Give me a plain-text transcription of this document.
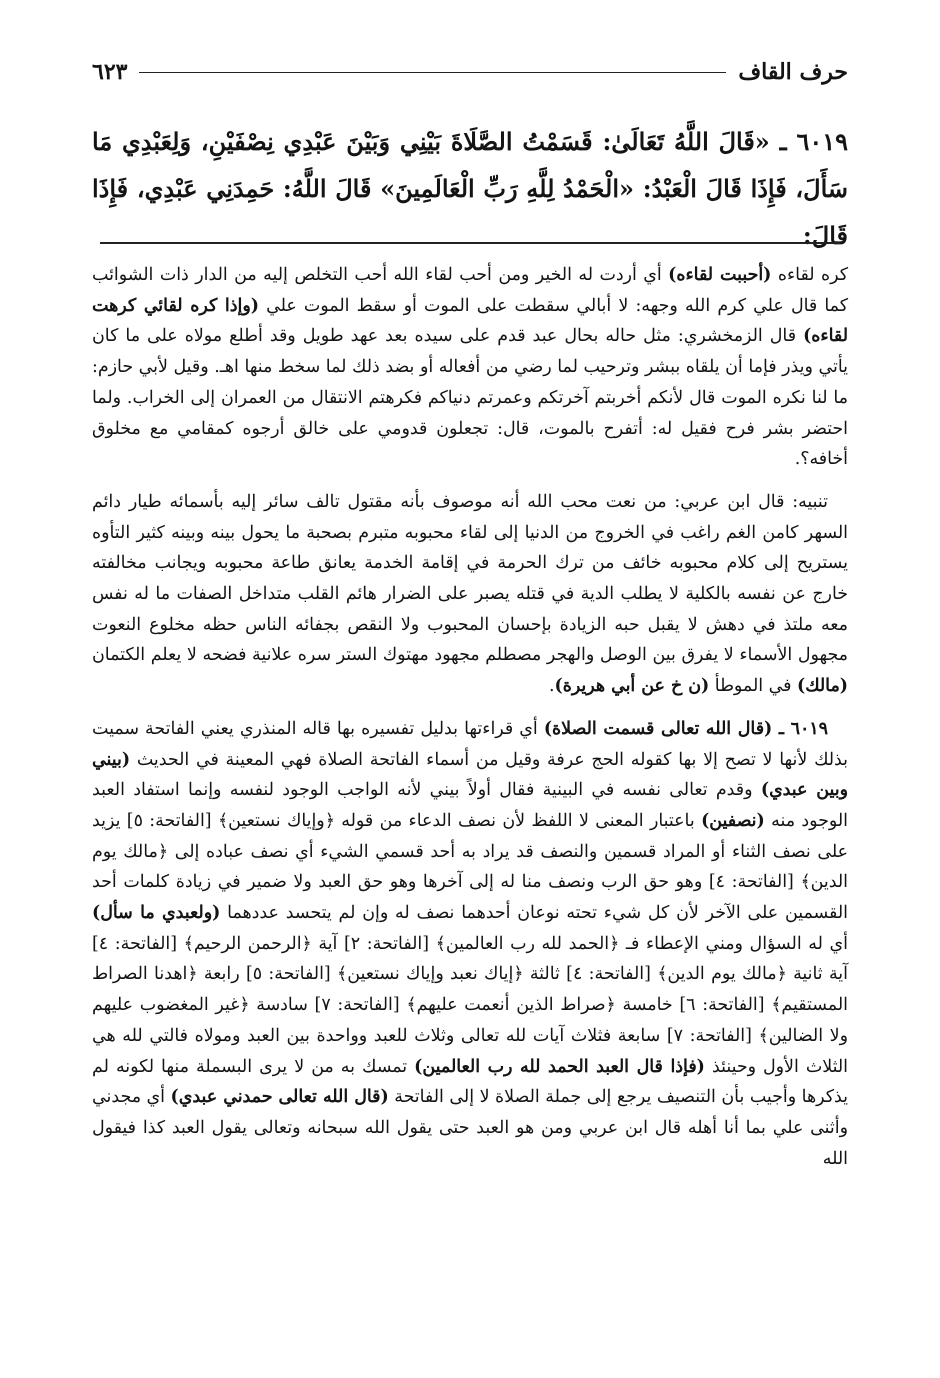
حرف القاف
٦٢٣
٦٠١٩ ـ «قَالَ اللَّهُ تَعَالَىٰ: قَسَمْتُ الصَّلَاةَ بَيْنِي وَبَيْنَ عَبْدِي نِصْفَيْنِ، وَلِعَبْدِي مَا سَأَلَ، فَإِذَا قَالَ الْعَبْدُ: «الْحَمْدُ لِلَّهِ رَبِّ الْعَالَمِينَ» قَالَ اللَّهُ: حَمِدَنِي عَبْدِي، فَإِذَا قَالَ:

كره لقاءه (أحببت لقاءه) أي أردت له الخير ومن أحب لقاء الله أحب التخلص إليه من الدار ذات الشوائب كما قال علي كرم الله وجهه: لا أبالي سقطت على الموت أو سقط الموت علي (وإذا كره لقائي كرهت لقاءه) قال الزمخشري: مثل حاله بحال عبد قدم على سيده بعد عهد طويل وقد أطلع مولاه على ما كان يأتي ويذر فإما أن يلقاه ببشر وترحيب لما رضي من أفعاله أو بضد ذلك لما سخط منها اهـ. وقيل لأبي حازم: ما لنا نكره الموت قال لأنكم أخربتم آخرتكم وعمرتم دنياكم فكرهتم الانتقال من العمران إلى الخراب. ولما احتضر بشر فرح فقيل له: أتفرح بالموت، قال: تجعلون قدومي على خالق أرجوه كمقامي مع مخلوق أخافه؟.

تنبيه: قال ابن عربي: من نعت محب الله أنه موصوف بأنه مقتول تالف سائر إليه بأسمائه طيار دائم السهر كامن الغم راغب في الخروج من الدنيا إلى لقاء محبوبه متبرم بصحبة ما يحول بينه وبينه كثير التأوه يستريح إلى كلام محبوبه خائف من ترك الحرمة في إقامة الخدمة يعانق طاعة محبوبه ويجانب مخالفته خارج عن نفسه بالكلية لا يطلب الدية في قتله يصبر على الضرار هائم القلب متداخل الصفات ما له نفس معه ملتذ في دهش لا يقبل حبه الزيادة بإحسان المحبوب ولا النقص بجفائه الناس حظه مخلوع النعوت مجهول الأسماء لا يفرق بين الوصل والهجر مصطلم مجهود مهتوك الستر سره علانية فضحه لا يعلم الكتمان (مالك) في الموطأ (ن خ عن أبي هريرة).

٦٠١٩ ـ (قال الله تعالى قسمت الصلاة) أي قراءتها بدليل تفسيره بها قاله المنذري يعني الفاتحة سميت بذلك لأنها لا تصح إلا بها كقوله الحج عرفة وقيل من أسماء الفاتحة الصلاة فهي المعينة في الحديث (بيني وبين عبدي) وقدم تعالى نفسه في البينية فقال أولاً بيني لأنه الواجب الوجود لنفسه وإنما استفاد العبد الوجود منه (نصفين) باعتبار المعنى لا اللفظ لأن نصف الدعاء من قوله ﴿وإياك نستعين﴾ [الفاتحة: ٥] يزيد على نصف الثناء أو المراد قسمين والنصف قد يراد به أحد قسمي الشيء أي نصف عباده إلى ﴿مالك يوم الدين﴾ [الفاتحة: ٤] وهو حق الرب ونصف منا له إلى آخرها وهو حق العبد ولا ضمير في زيادة كلمات أحد القسمين على الآخر لأن كل شيء تحته نوعان أحدهما نصف له وإن لم يتحسد عددهما (ولعبدي ما سأل) أي له السؤال ومني الإعطاء فـ ﴿الحمد لله رب العالمين﴾ [الفاتحة: ٢] آية ﴿الرحمن الرحيم﴾ [الفاتحة: ٤] آية ثانية ﴿مالك يوم الدين﴾ [الفاتحة: ٤] ثالثة ﴿إياك نعبد وإياك نستعين﴾ [الفاتحة: ٥] رابعة ﴿اهدنا الصراط المستقيم﴾ [الفاتحة: ٦] خامسة ﴿صراط الذين أنعمت عليهم﴾ [الفاتحة: ٧] سادسة ﴿غير المغضوب عليهم ولا الضالين﴾ [الفاتحة: ٧] سابعة فثلاث آيات لله تعالى وثلاث للعبد وواحدة بين العبد ومولاه فالتي لله هي الثلاث الأول وحينئذ (فإذا قال العبد الحمد لله رب العالمين) تمسك به من لا يرى البسملة منها لكونه لم يذكرها وأجيب بأن التنصيف يرجع إلى جملة الصلاة لا إلى الفاتحة (قال الله تعالى حمدني عبدي) أي مجدني وأثنى علي بما أنا أهله قال ابن عربي ومن هو العبد حتى يقول الله سبحانه وتعالى يقول العبد كذا فيقول الله
